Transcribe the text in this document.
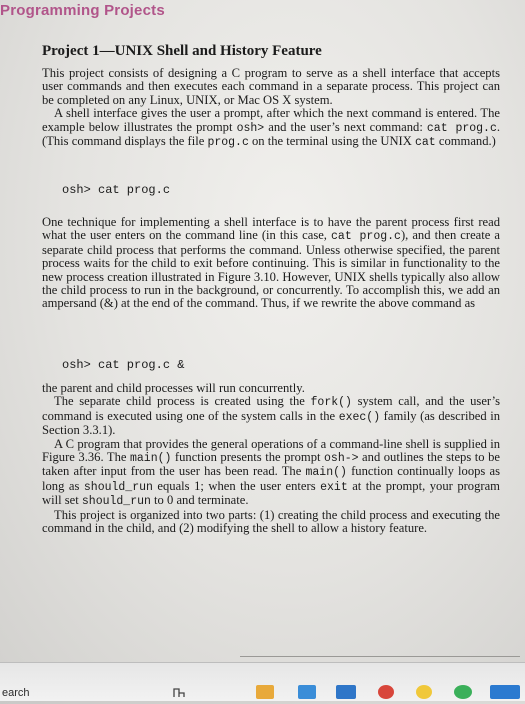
Programming Projects
Project 1—UNIX Shell and History Feature

This project consists of designing a C program to serve as a shell interface that accepts user commands and then executes each command in a separate process. This project can be completed on any Linux, UNIX, or Mac OS X system.

A shell interface gives the user a prompt, after which the next command is entered. The example below illustrates the prompt osh> and the user’s next command: cat prog.c. (This command displays the file prog.c on the terminal using the UNIX cat command.)

osh> cat prog.c

One technique for implementing a shell interface is to have the parent process first read what the user enters on the command line (in this case, cat prog.c), and then create a separate child process that performs the command. Unless otherwise specified, the parent process waits for the child to exit before continuing. This is similar in functionality to the new process creation illustrated in Figure 3.10. However, UNIX shells typically also allow the child process to run in the background, or concurrently. To accomplish this, we add an ampersand (&) at the end of the command. Thus, if we rewrite the above command as

osh> cat prog.c &

the parent and child processes will run concurrently.

The separate child process is created using the fork() system call, and the user’s command is executed using one of the system calls in the exec() family (as described in Section 3.3.1).

A C program that provides the general operations of a command-line shell is supplied in Figure 3.36. The main() function presents the prompt osh-> and outlines the steps to be taken after input from the user has been read. The main() function continually loops as long as should_run equals 1; when the user enters exit at the prompt, your program will set should_run to 0 and terminate.

This project is organized into two parts: (1) creating the child process and executing the command in the child, and (2) modifying the shell to allow a history feature.

earch
